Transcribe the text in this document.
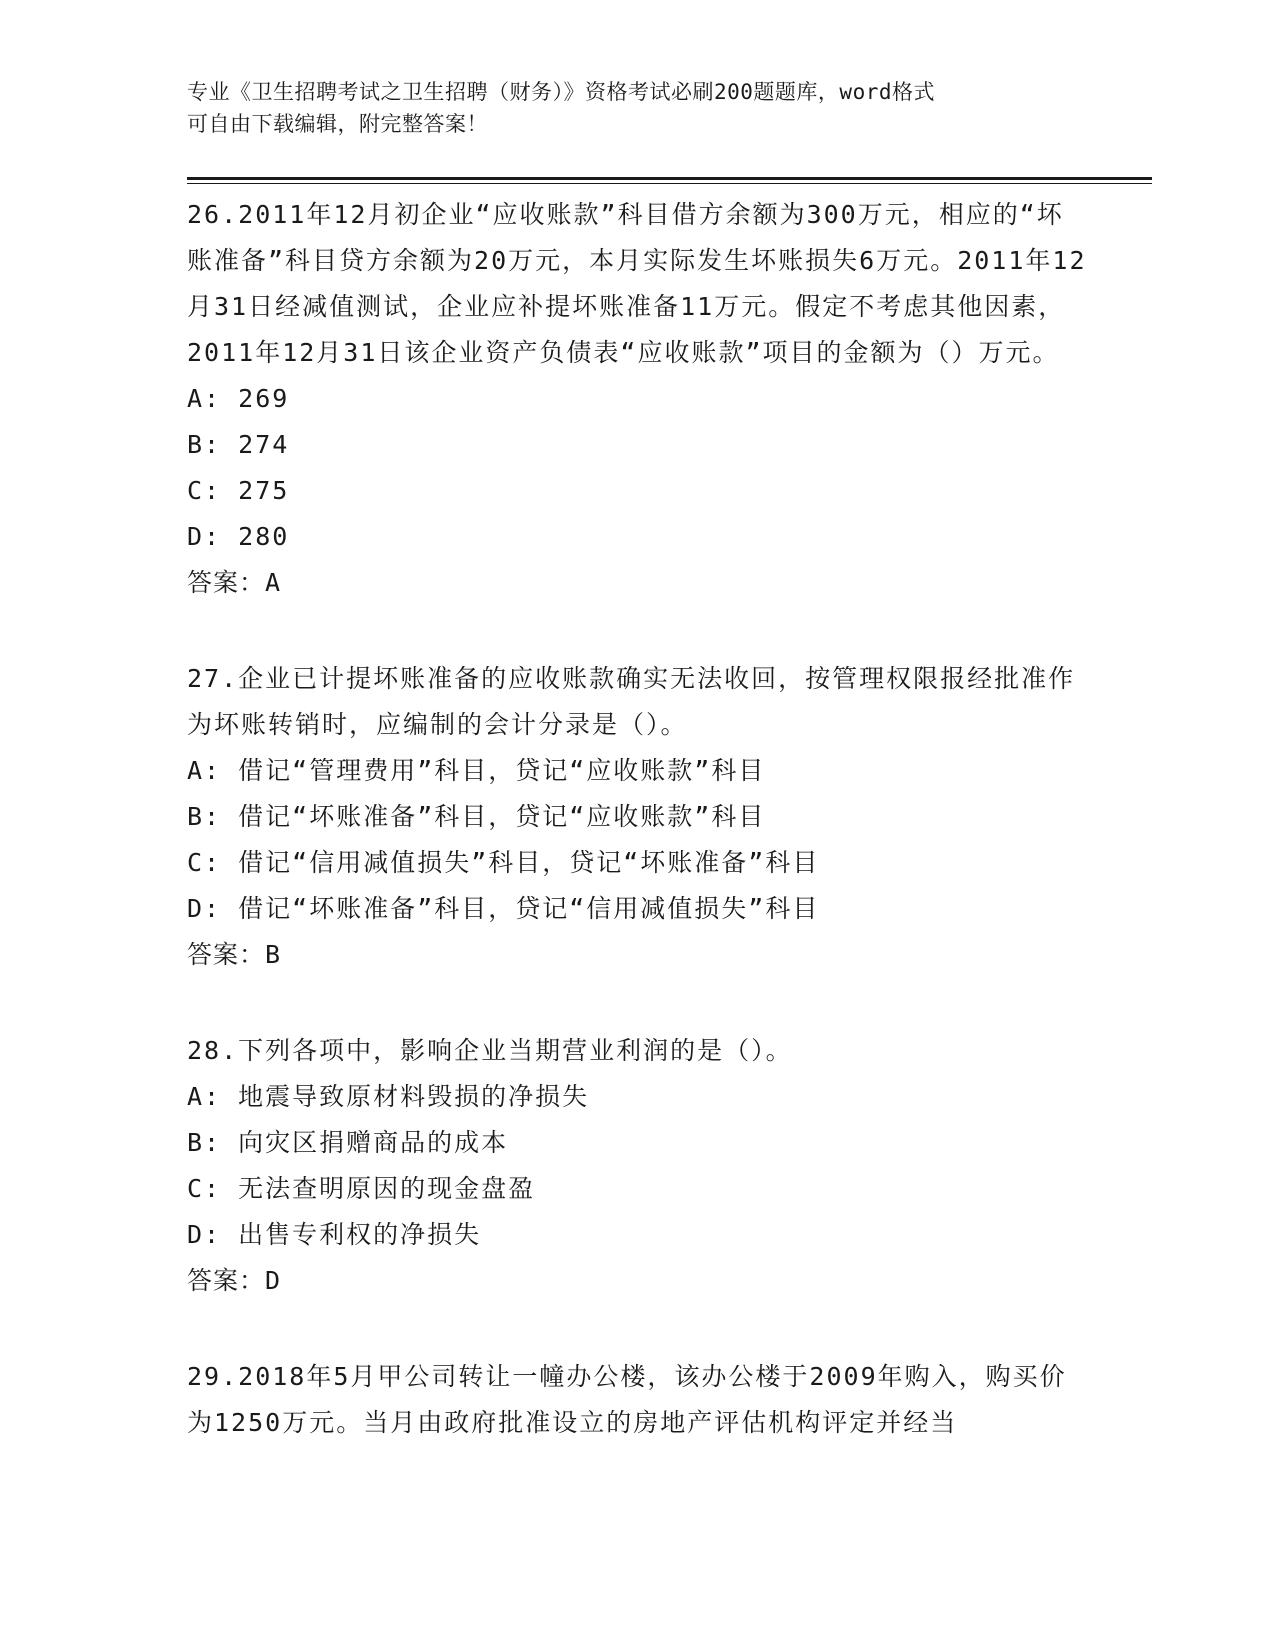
专业《卫生招聘考试之卫生招聘（财务）》资格考试必刷200题题库，word格式
可自由下载编辑，附完整答案！
26.2011年12月初企业“应收账款”科目借方余额为300万元，相应的“坏账准备”科目贷方余额为20万元，本月实际发生坏账损失6万元。2011年12月31日经减值测试，企业应补提坏账准备11万元。假定不考虑其他因素，2011年12月31日该企业资产负债表“应收账款”项目的金额为（）万元。
A: 269
B: 274
C: 275
D: 280
答案：A
27.企业已计提坏账准备的应收账款确实无法收回，按管理权限报经批准作为坏账转销时，应编制的会计分录是（）。
A: 借记“管理费用”科目，贷记“应收账款”科目
B: 借记“坏账准备”科目，贷记“应收账款”科目
C: 借记“信用减值损失”科目，贷记“坏账准备”科目
D: 借记“坏账准备”科目，贷记“信用减值损失”科目
答案：B
28.下列各项中，影响企业当期营业利润的是（）。
A: 地震导致原材料毁损的净损失
B: 向灾区捐赠商品的成本
C: 无法查明原因的现金盘盈
D: 出售专利权的净损失
答案：D
29.2018年5月甲公司转让一幢办公楼，该办公楼于2009年购入，购买价为1250万元。当月由政府批准设立的房地产评估机构评定并经当
